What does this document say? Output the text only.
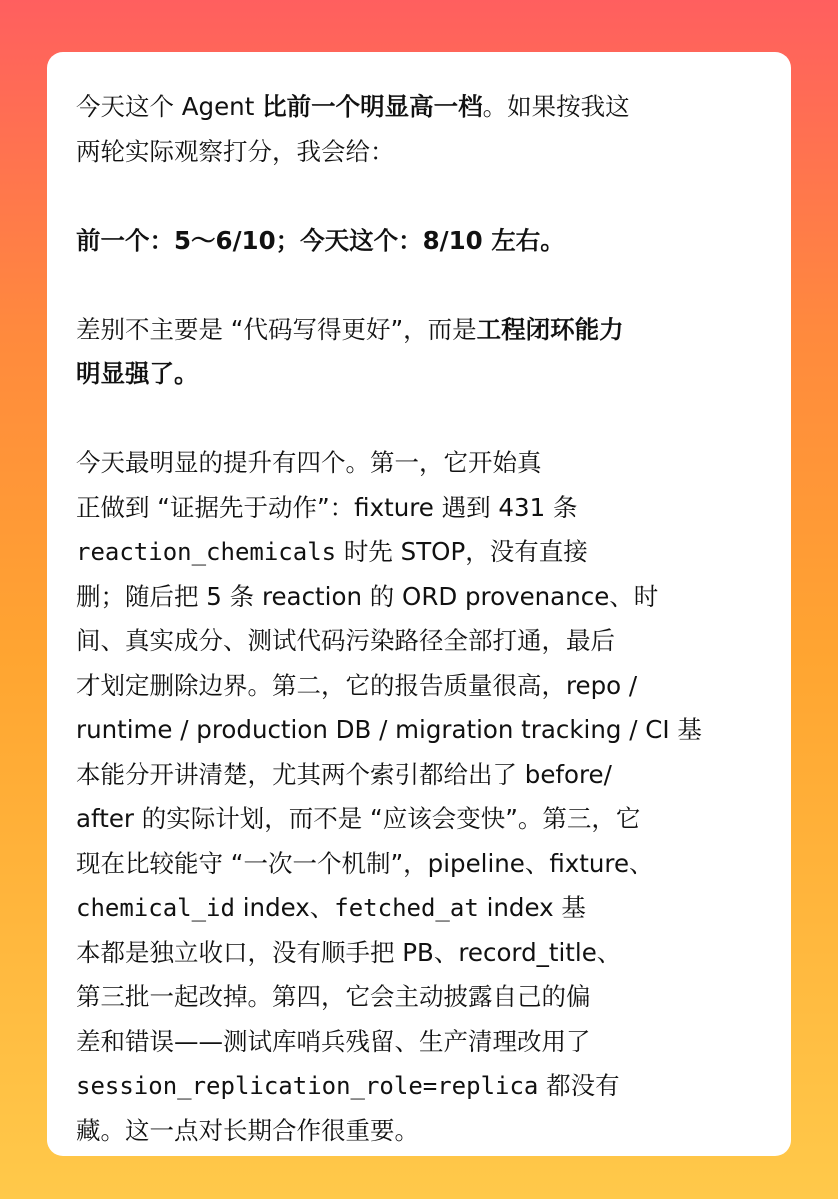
今天这个 Agent 比前一个明显高一档。如果按我这
两轮实际观察打分，我会给：

前一个：5～6/10；今天这个：8/10 左右。

差别不主要是 “代码写得更好”，而是工程闭环能力
明显强了。

今天最明显的提升有四个。第一，它开始真
正做到 “证据先于动作”：fixture 遇到 431 条
reaction_chemicals 时先 STOP，没有直接
删；随后把 5 条 reaction 的 ORD provenance、时
间、真实成分、测试代码污染路径全部打通，最后
才划定删除边界。第二，它的报告质量很高，repo /
runtime / production DB / migration tracking / CI 基
本能分开讲清楚，尤其两个索引都给出了 before/
after 的实际计划，而不是 “应该会变快”。第三，它
现在比较能守 “一次一个机制”，pipeline、fixture、
chemical_id index、fetched_at index 基
本都是独立收口，没有顺手把 PB、record_title、
第三批一起改掉。第四，它会主动披露自己的偏
差和错误——测试库哨兵残留、生产清理改用了
session_replication_role=replica 都没有
藏。这一点对长期合作很重要。
